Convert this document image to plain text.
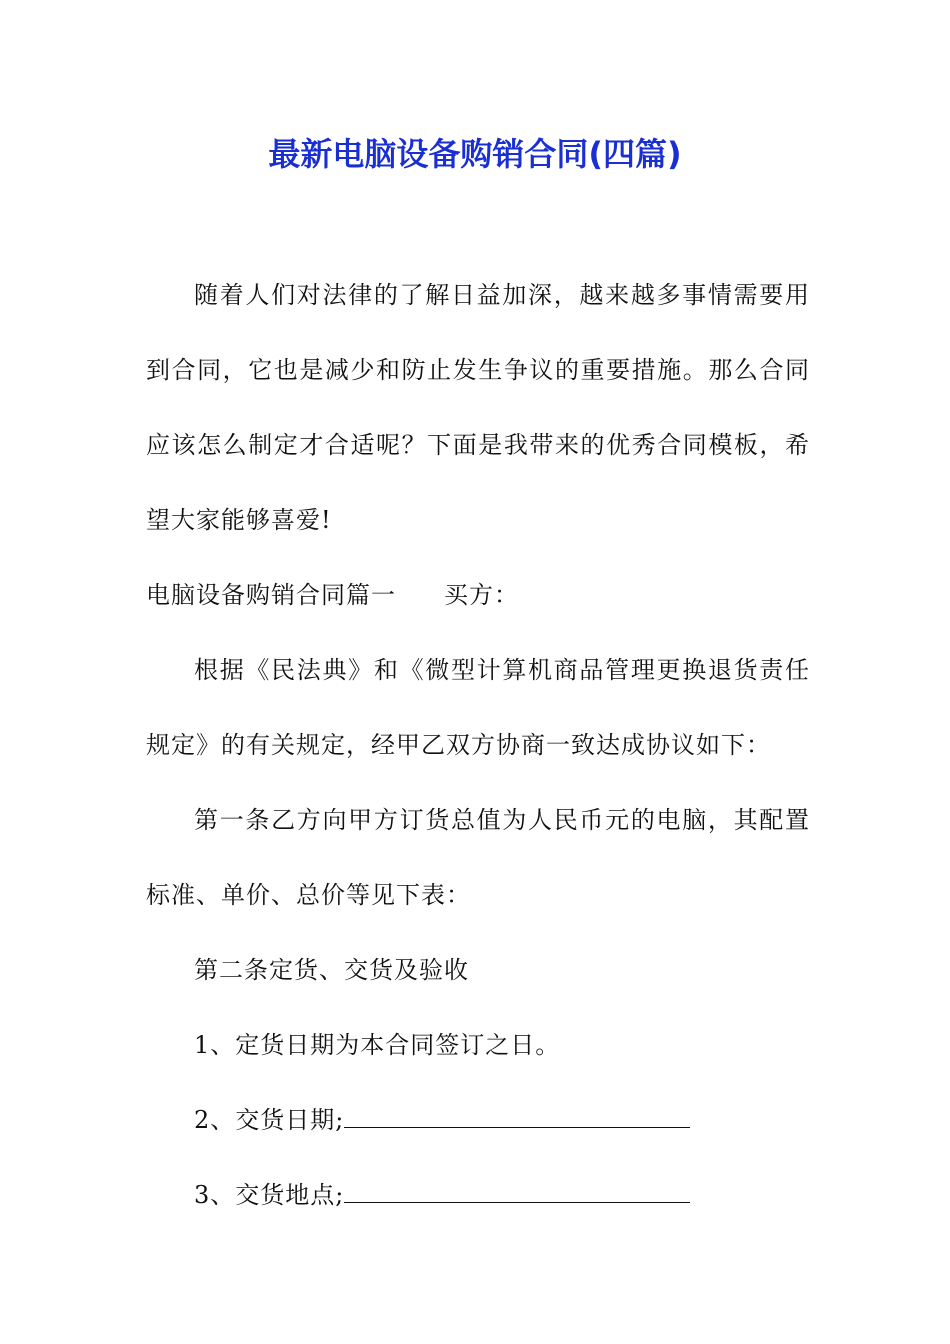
最新电脑设备购销合同(四篇)

随着人们对法律的了解日益加深，越来越多事情需要用到合同，它也是减少和防止发生争议的重要措施。那么合同应该怎么制定才合适呢？下面是我带来的优秀合同模板，希望大家能够喜爱!

电脑设备购销合同篇一 买方：

根据《民法典》和《微型计算机商品管理更换退货责任规定》的有关规定，经甲乙双方协商一致达成协议如下：

第一条乙方向甲方订货总值为人民币元的电脑，其配置标准、单价、总价等见下表：

第二条定货、交货及验收

1、定货日期为本合同签订之日。

2、交货日期;

3、交货地点;
